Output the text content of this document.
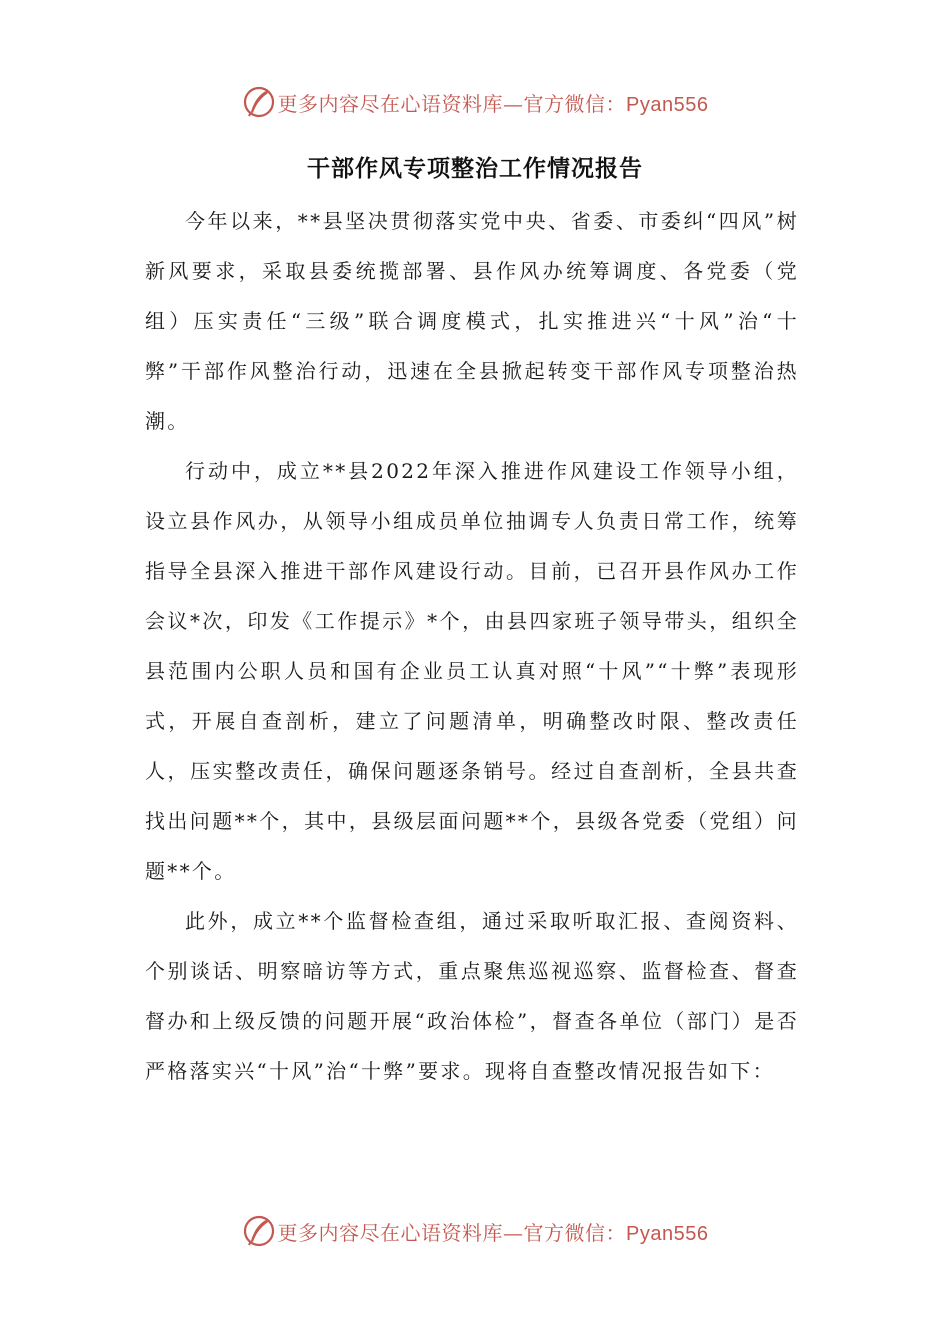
更多内容尽在心语资料库—官方微信：Pyan556
干部作风专项整治工作情况报告

今年以来，**县坚决贯彻落实党中央、省委、市委纠“四风”树新风要求，采取县委统揽部署、县作风办统筹调度、各党委（党组）压实责任“三级”联合调度模式，扎实推进兴“十风”治“十弊”干部作风整治行动，迅速在全县掀起转变干部作风专项整治热潮。

行动中，成立**县2022年深入推进作风建设工作领导小组，设立县作风办，从领导小组成员单位抽调专人负责日常工作，统筹指导全县深入推进干部作风建设行动。目前，已召开县作风办工作会议*次，印发《工作提示》*个，由县四家班子领导带头，组织全县范围内公职人员和国有企业员工认真对照“十风”“十弊”表现形式，开展自查剖析，建立了问题清单，明确整改时限、整改责任人，压实整改责任，确保问题逐条销号。经过自查剖析，全县共查找出问题**个，其中，县级层面问题**个，县级各党委（党组）问题**个。

此外，成立**个监督检查组，通过采取听取汇报、查阅资料、个别谈话、明察暗访等方式，重点聚焦巡视巡察、监督检查、督查督办和上级反馈的问题开展“政治体检”，督查各单位（部门）是否严格落实兴“十风”治“十弊”要求。现将自查整改情况报告如下：

更多内容尽在心语资料库—官方微信：Pyan556
